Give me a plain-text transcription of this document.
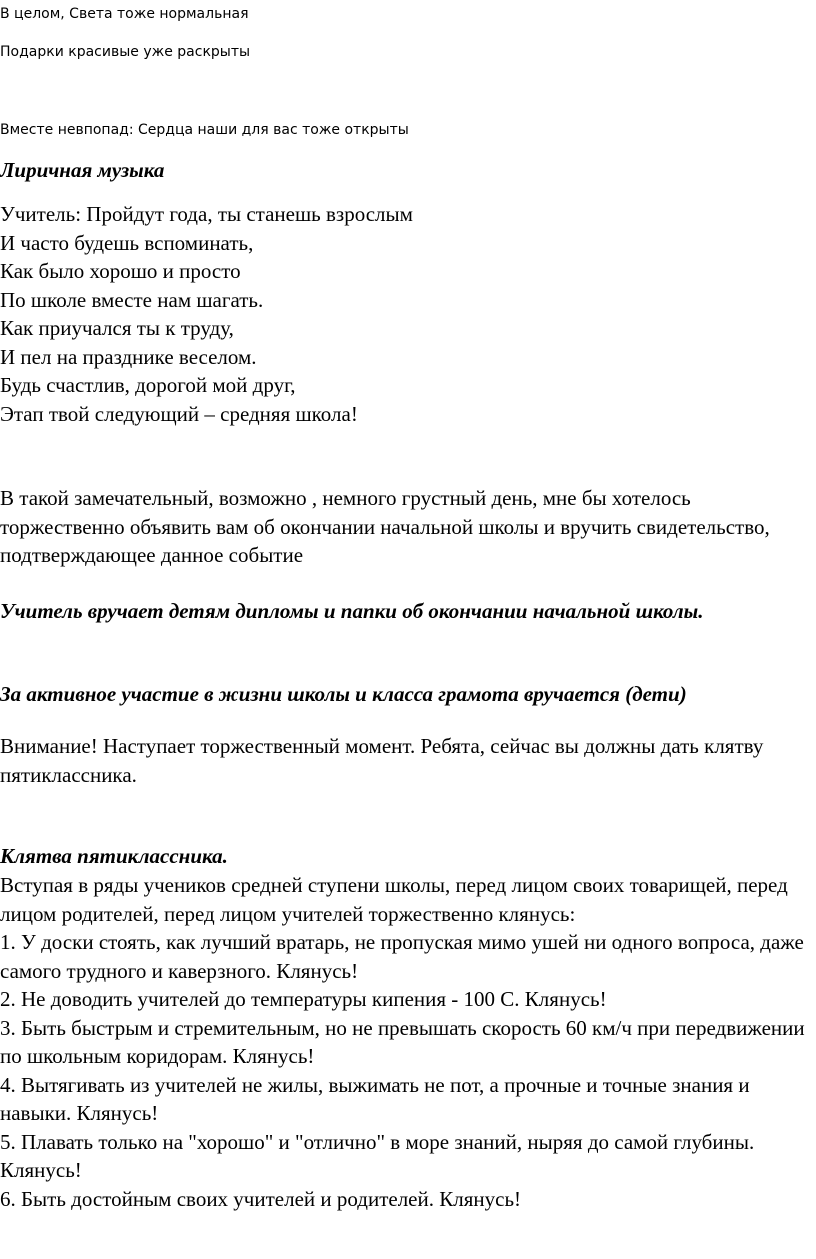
В целом, Света тоже нормальная

Подарки красивые уже раскрыты

Вместе невпопад: Сердца наши для вас тоже открыты

Лиричная музыка

Учитель: Пройдут года, ты станешь взрослым

И часто будешь вспоминать,

Как было хорошо и просто

По школе вместе нам шагать.

Как приучался ты к труду,

И пел на празднике веселом.

Будь счастлив, дорогой мой друг,

Этап твой следующий – средняя школа!

В такой замечательный, возможно , немного грустный день, мне бы хотелось торжественно объявить вам об окончании начальной школы и вручить свидетельство, подтверждающее данное событие

Учитель вручает детям дипломы и папки об окончании начальной школы.

За активное участие в жизни школы и класса грамота вручается (дети)

Внимание! Наступает торжественный момент. Ребята, сейчас вы должны дать клятву пятиклассника.

Клятва пятиклассника.

Вступая в ряды учеников средней ступени школы, перед лицом своих товарищей, перед лицом родителей, перед лицом учителей торжественно клянусь:

1. У доски стоять, как лучший вратарь, не пропуская мимо ушей ни одного вопроса, даже самого трудного и каверзного. Клянусь!

2. Не доводить учителей до температуры кипения - 100 С. Клянусь!

3. Быть быстрым и стремительным, но не превышать скорость 60 км/ч при передвижении по школьным коридорам. Клянусь!

4. Вытягивать из учителей не жилы, выжимать не пот, а прочные и точные знания и навыки. Клянусь!

5. Плавать только на "хорошо" и "отлично" в море знаний, ныряя до самой глубины. Клянусь!

6. Быть достойным своих учителей и родителей. Клянусь!
